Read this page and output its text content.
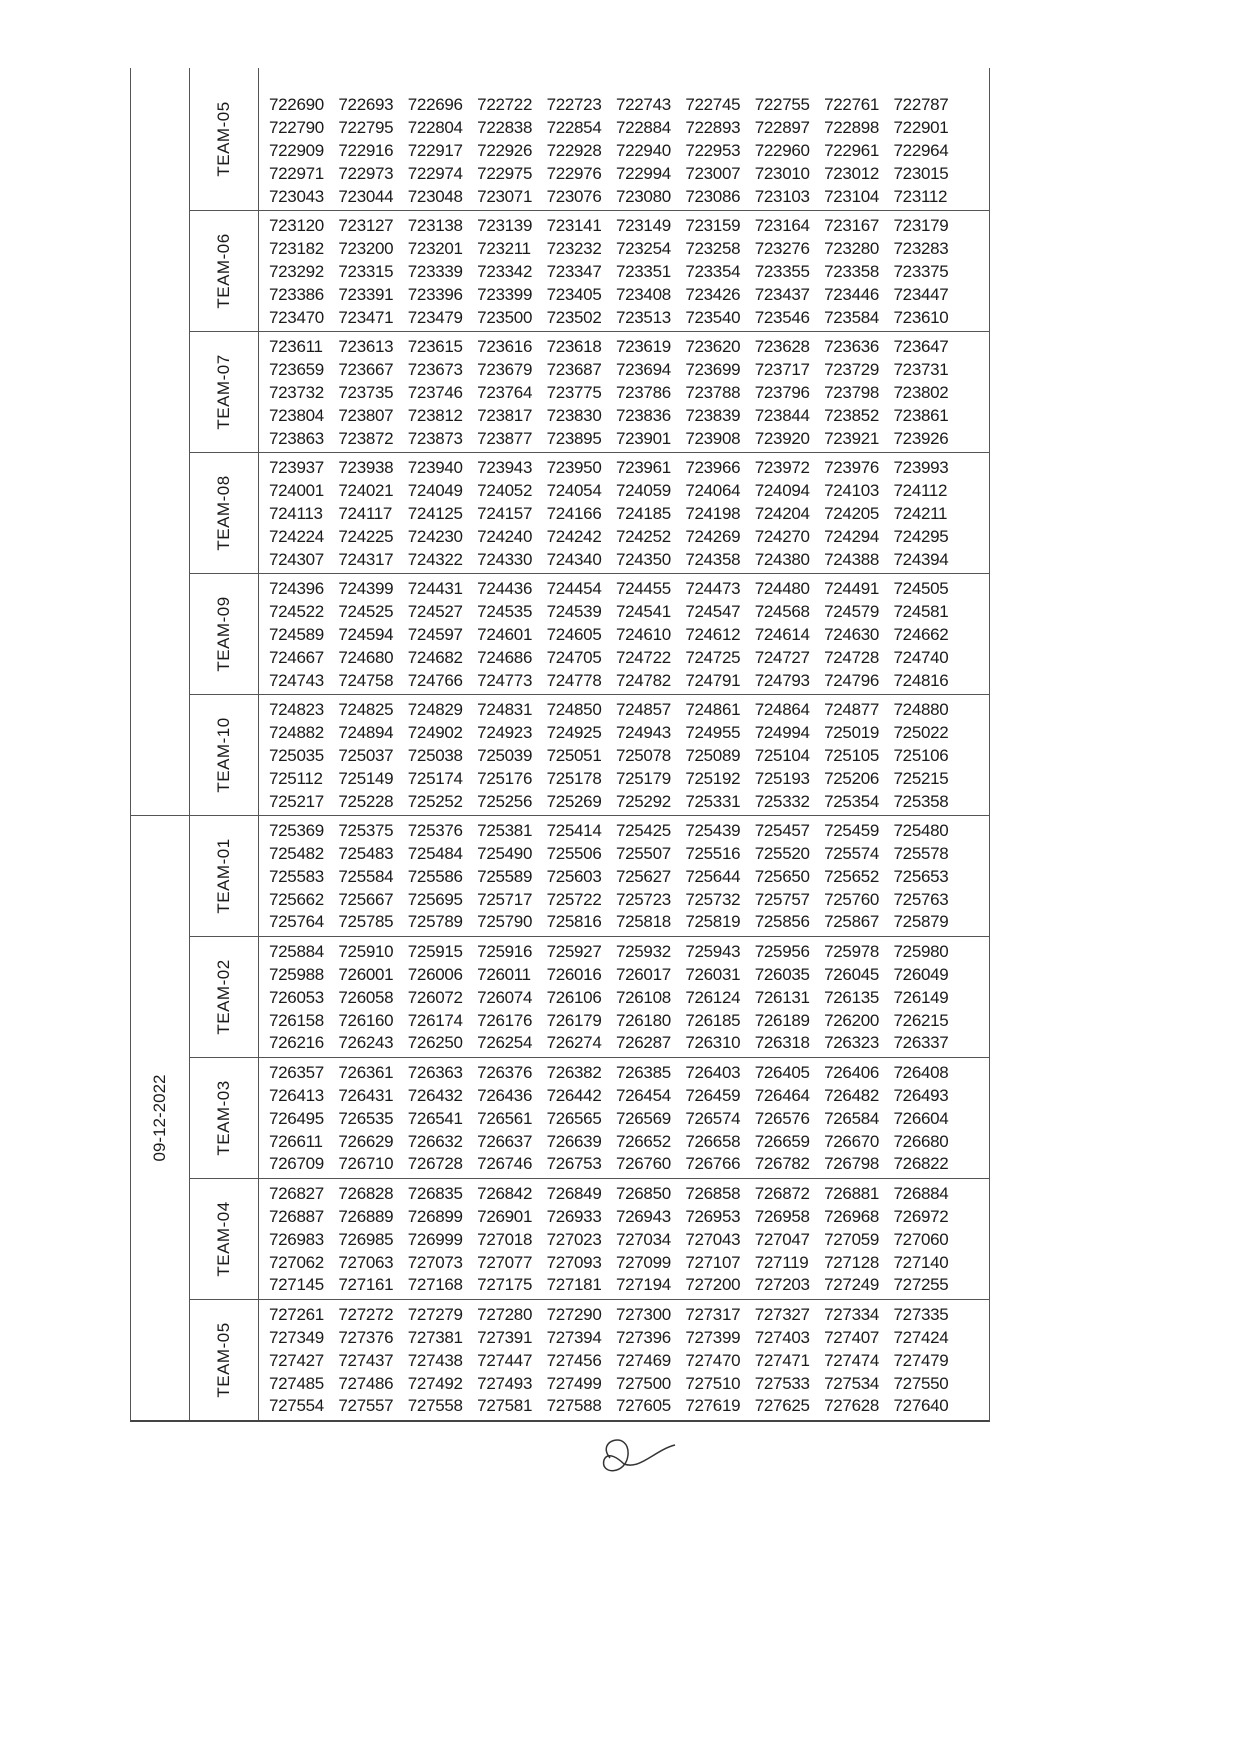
TEAM-05 722690 722693 722696 722722 722723 722743 722745 722755 722761 722787
722790 722795 722804 722838 722854 722884 722893 722897 722898 722901
722909 722916 722917 722926 722928 722940 722953 722960 722961 722964
722971 722973 722974 722975 722976 722994 723007 723010 723012 723015
723043 723044 723048 723071 723076 723080 723086 723103 723104 723112
TEAM-06
723120 723127 723138 723139 723141 723149 723159 723164 723167 723179
723182 723200 723201 723211 723232 723254 723258 723276 723280 723283
723292 723315 723339 723342 723347 723351 723354 723355 723358 723375
723386 723391 723396 723399 723405 723408 723426 723437 723446 723447
723470 723471 723479 723500 723502 723513 723540 723546 723584 723610
TEAM-07
723611 723613 723615 723616 723618 723619 723620 723628 723636 723647
723659 723667 723673 723679 723687 723694 723699 723717 723729 723731
723732 723735 723746 723764 723775 723786 723788 723796 723798 723802
723804 723807 723812 723817 723830 723836 723839 723844 723852 723861
723863 723872 723873 723877 723895 723901 723908 723920 723921 723926
TEAM-08
723937 723938 723940 723943 723950 723961 723966 723972 723976 723993
724001 724021 724049 724052 724054 724059 724064 724094 724103 724112
724113 724117 724125 724157 724166 724185 724198 724204 724205 724211
724224 724225 724230 724240 724242 724252 724269 724270 724294 724295
724307 724317 724322 724330 724340 724350 724358 724380 724388 724394
TEAM-09
724396 724399 724431 724436 724454 724455 724473 724480 724491 724505
724522 724525 724527 724535 724539 724541 724547 724568 724579 724581
724589 724594 724597 724601 724605 724610 724612 724614 724630 724662
724667 724680 724682 724686 724705 724722 724725 724727 724728 724740
724743 724758 724766 724773 724778 724782 724791 724793 724796 724816
TEAM-10
724823 724825 724829 724831 724850 724857 724861 724864 724877 724880
724882 724894 724902 724923 724925 724943 724955 724994 725019 725022
725035 725037 725038 725039 725051 725078 725089 725104 725105 725106
725112 725149 725174 725176 725178 725179 725192 725193 725206 725215
725217 725228 725252 725256 725269 725292 725331 725332 725354 725358
09-12-2022
TEAM-01
725369 725375 725376 725381 725414 725425 725439 725457 725459 725480
725482 725483 725484 725490 725506 725507 725516 725520 725574 725578
725583 725584 725586 725589 725603 725627 725644 725650 725652 725653
725662 725667 725695 725717 725722 725723 725732 725757 725760 725763
725764 725785 725789 725790 725816 725818 725819 725856 725867 725879
TEAM-02
725884 725910 725915 725916 725927 725932 725943 725956 725978 725980
725988 726001 726006 726011 726016 726017 726031 726035 726045 726049
726053 726058 726072 726074 726106 726108 726124 726131 726135 726149
726158 726160 726174 726176 726179 726180 726185 726189 726200 726215
726216 726243 726250 726254 726274 726287 726310 726318 726323 726337
TEAM-03
726357 726361 726363 726376 726382 726385 726403 726405 726406 726408
726413 726431 726432 726436 726442 726454 726459 726464 726482 726493
726495 726535 726541 726561 726565 726569 726574 726576 726584 726604
726611 726629 726632 726637 726639 726652 726658 726659 726670 726680
726709 726710 726728 726746 726753 726760 726766 726782 726798 726822
TEAM-04
726827 726828 726835 726842 726849 726850 726858 726872 726881 726884
726887 726889 726899 726901 726933 726943 726953 726958 726968 726972
726983 726985 726999 727018 727023 727034 727043 727047 727059 727060
727062 727063 727073 727077 727093 727099 727107 727119 727128 727140
727145 727161 727168 727175 727181 727194 727200 727203 727249 727255
TEAM-05
727261 727272 727279 727280 727290 727300 727317 727327 727334 727335
727349 727376 727381 727391 727394 727396 727399 727403 727407 727424
727427 727437 727438 727447 727456 727469 727470 727471 727474 727479
727485 727486 727492 727493 727499 727500 727510 727533 727534 727550
727554 727557 727558 727581 727588 727605 727619 727625 727628 727640
